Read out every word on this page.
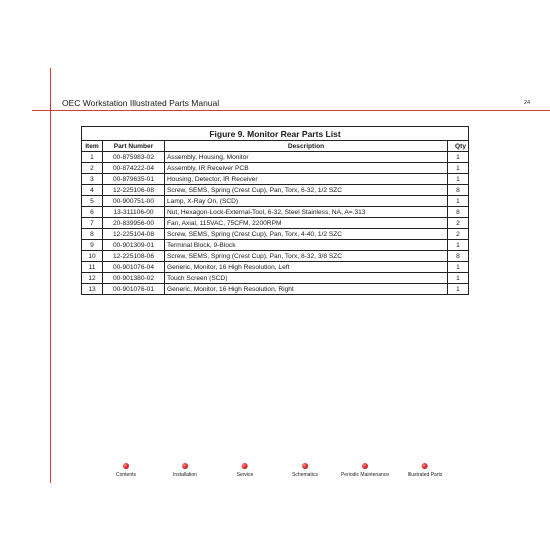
OEC Workstation Illustrated Parts Manual	24
Figure 9. Monitor Rear Parts List
Item	Part Number	Description	Qty
1	00-875983-02	Assembly, Housing, Monitor	1
2	00-874222-04	Assembly, IR Receiver PCB	1
3	00-879635-01	Housing, Detector, IR Receiver	1
4	12-225106-08	Screw, SEMS, Spring (Crest Cup), Pan, Torx, 6-32, 1/2 SZC	8
5	00-900751-00	Lamp, X-Ray On, (SCD)	1
6	13-311106-00	Nut, Hexagon-Lock-External-Tool, 6-32, Steel Stainless, NA, A=.313	8
7	20-839956-00	Fan, Axial, 115VAC, 75CFM, 2200RPM	2
8	12-225104-08	Screw, SEMS, Spring (Crest Cup), Pan, Torx, 4-40, 1/2 SZC	2
9	00-901309-01	Terminal Block, 9-Block	1
10	12-225108-06	Screw, SEMS, Spring (Crest Cup), Pan, Torx, 8-32, 3/8 SZC	8
11	00-901076-04	Generic, Monitor, 16 High Resolution, Left	1
12	00-901380-02	Touch Screen (SCD)	1
13	00-901076-01	Generic, Monitor, 16 High Resolution, Right	1
Contents	Installation	Service	Schematics	Periodic Maintenance	Illustrated Parts
